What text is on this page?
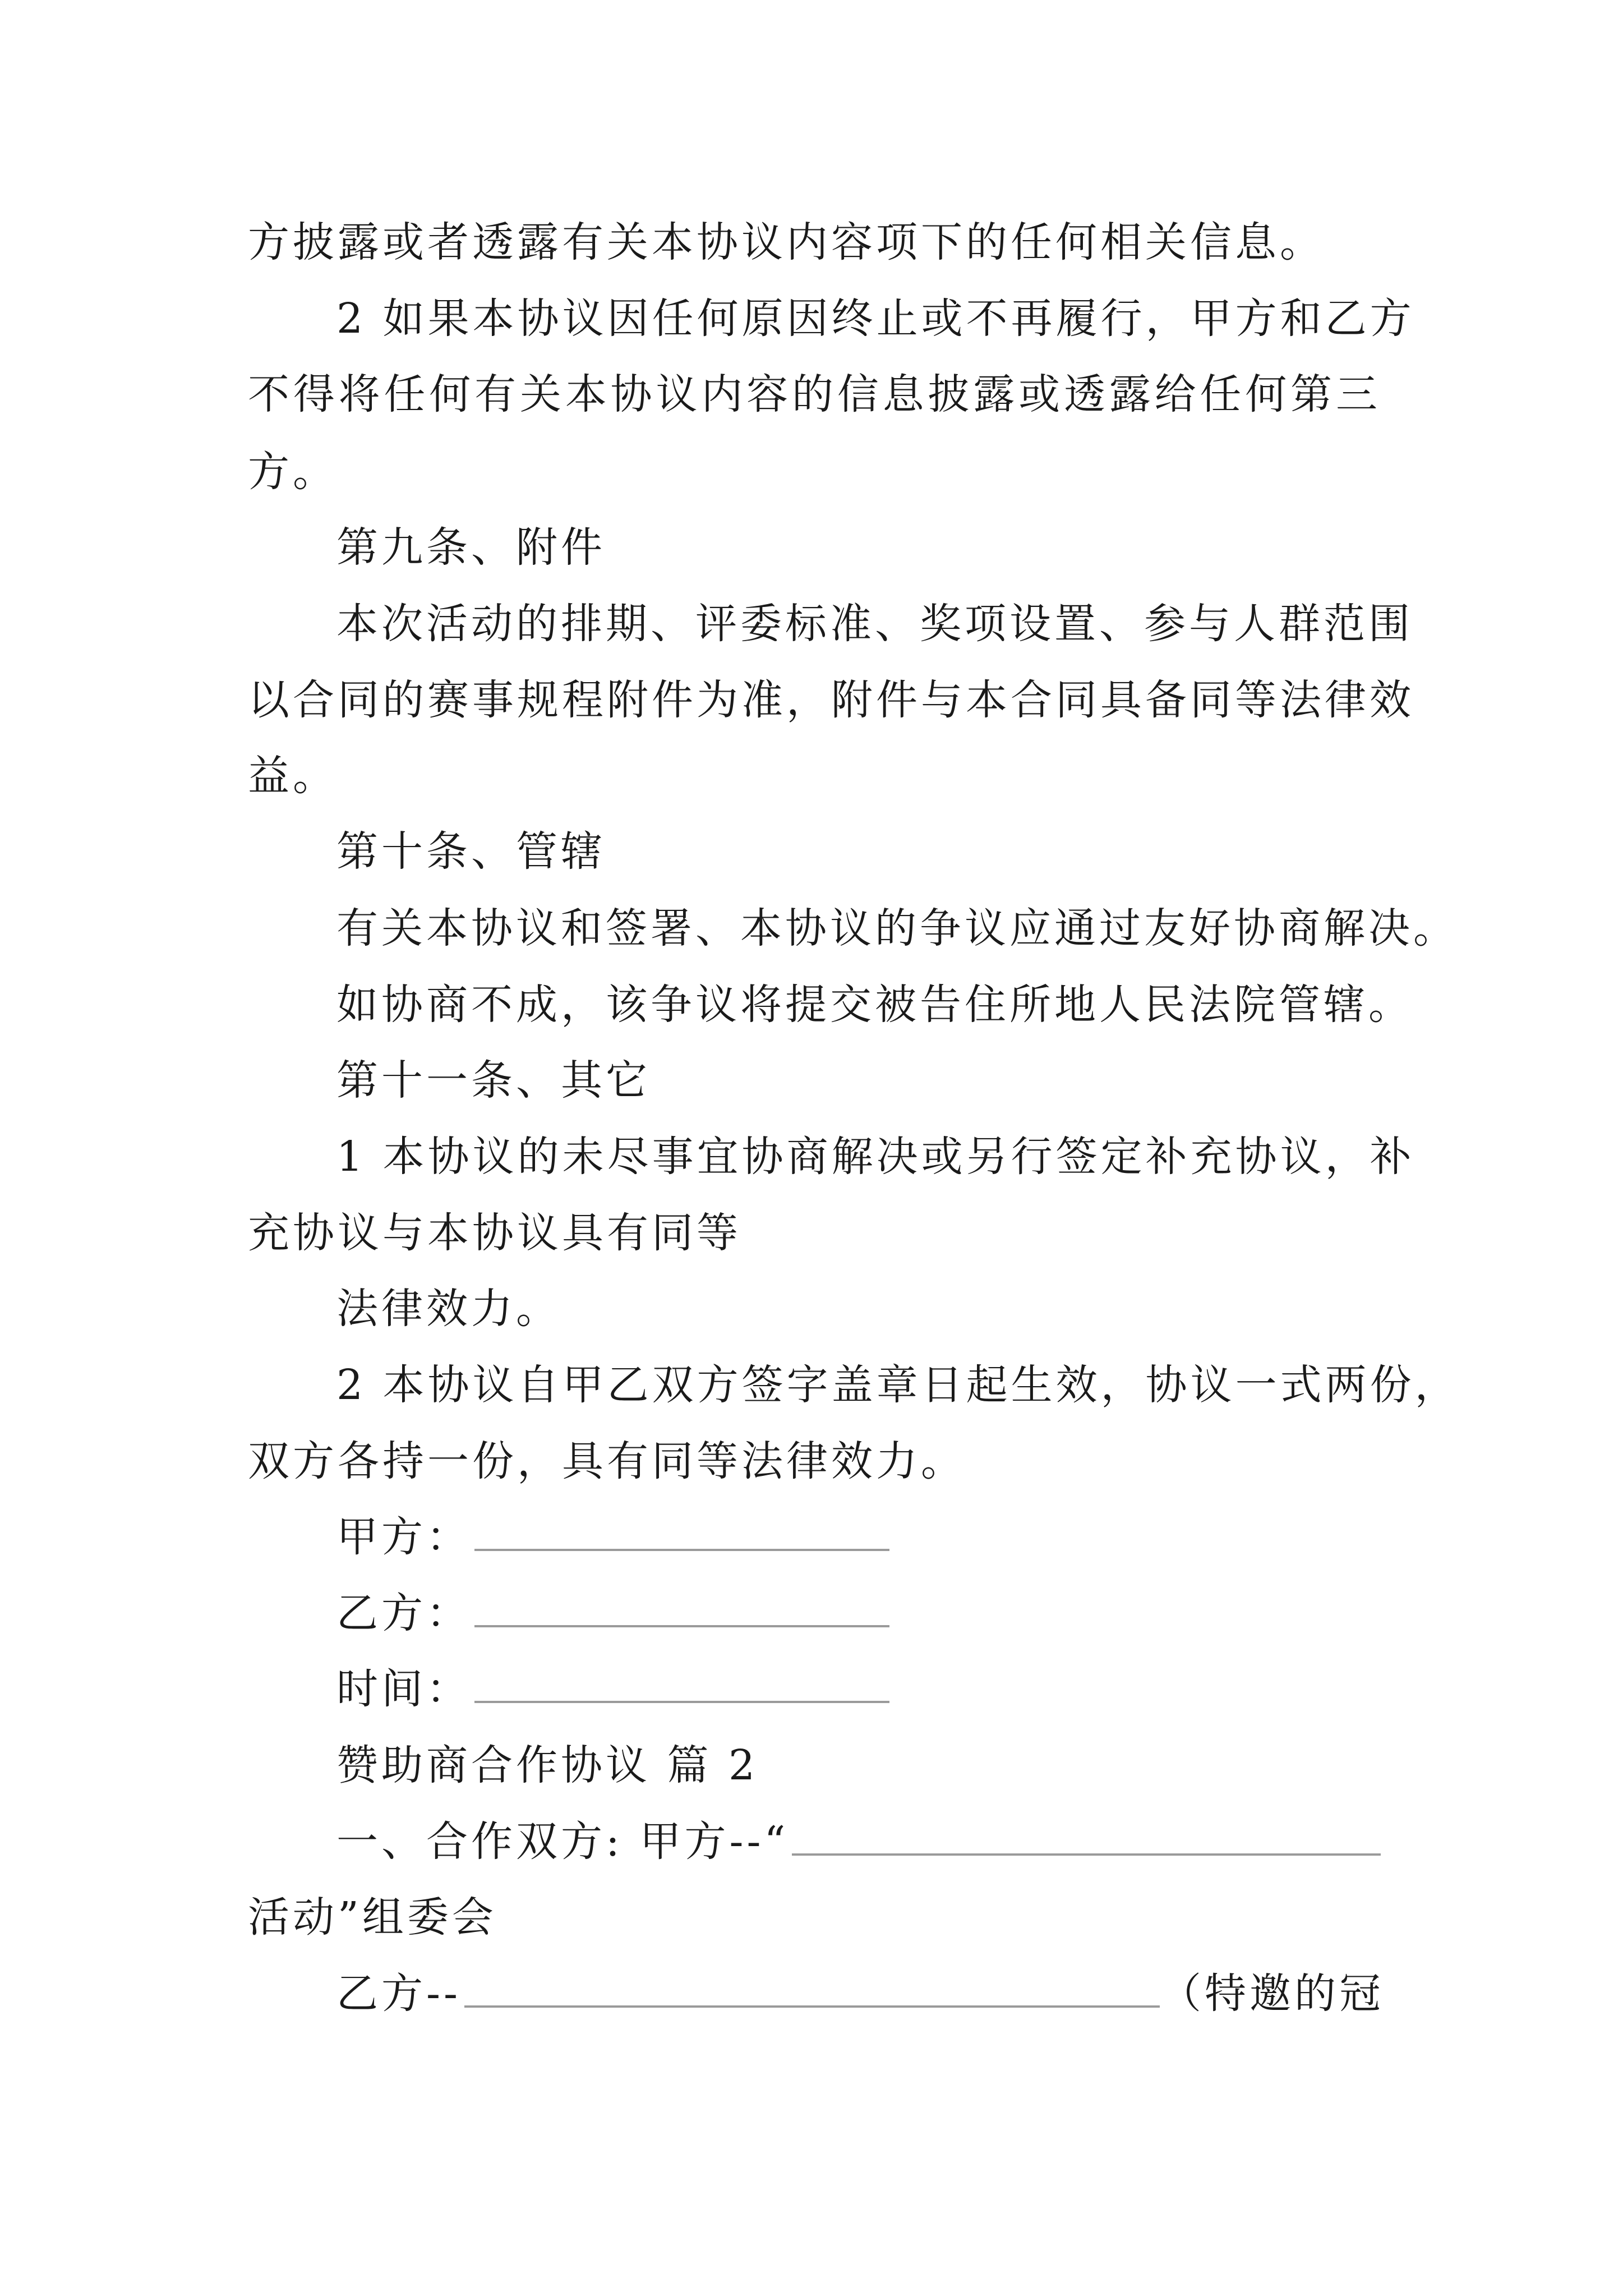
方披露或者透露有关本协议内容项下的任何相关信息。
2 如果本协议因任何原因终止或不再履行，甲方和乙方
不得将任何有关本协议内容的信息披露或透露给任何第三
方。
第九条、附件
本次活动的排期、评委标准、奖项设置、参与人群范围
以合同的赛事规程附件为准，附件与本合同具备同等法律效
益。
第十条、管辖
有关本协议和签署、本协议的争议应通过友好协商解决。
如协商不成，该争议将提交被告住所地人民法院管辖。
第十一条、其它
1 本协议的未尽事宜协商解决或另行签定补充协议，补
充协议与本协议具有同等
法律效力。
2 本协议自甲乙双方签字盖章日起生效，协议一式两份，
双方各持一份，具有同等法律效力。
甲方：
乙方：
时间：
赞助商合作协议 篇 2
一、合作双方: 甲方--“
活动”组委会
乙方--	（特邀的冠
